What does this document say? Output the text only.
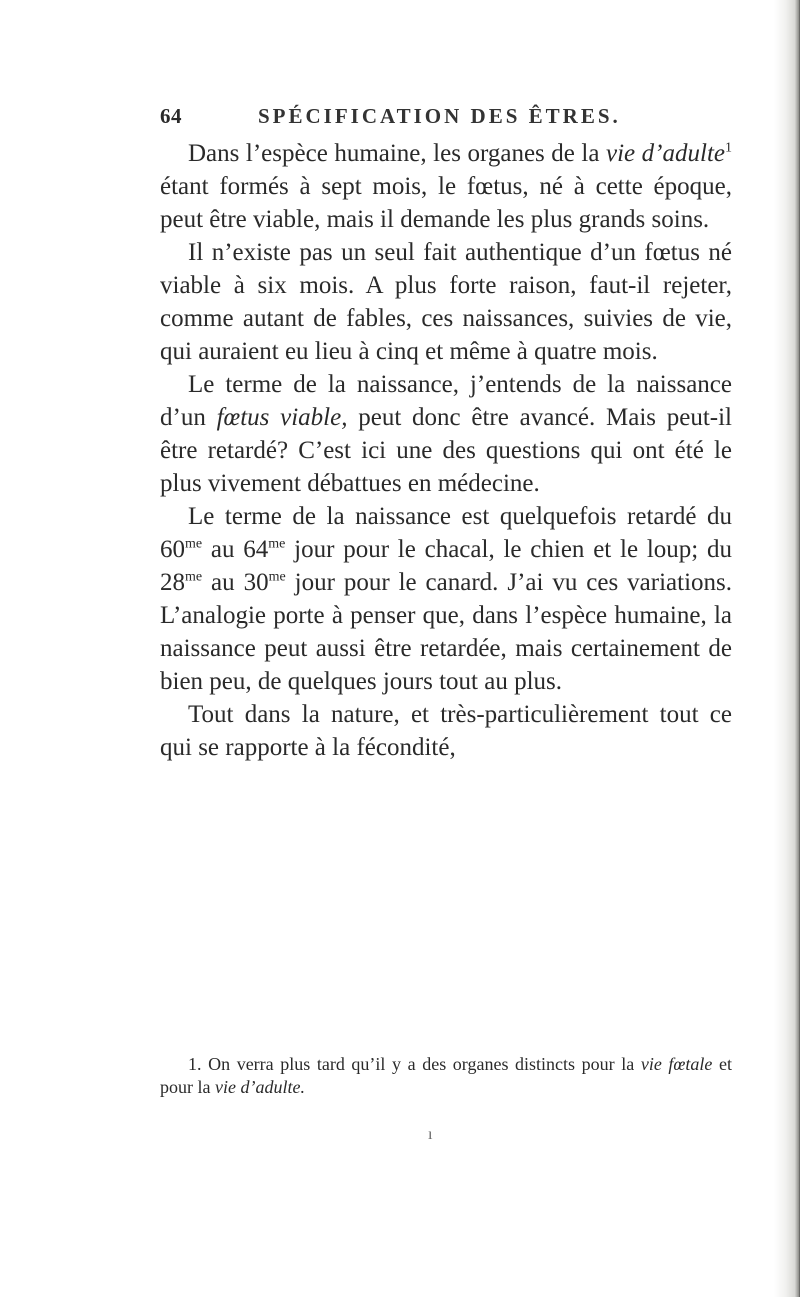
64	SPÉCIFICATION DES ÊTRES.

Dans l’espèce humaine, les organes de la vie d’adulte$^1$ étant formés à sept mois, le fœtus, né à cette époque, peut être viable, mais il demande les plus grands soins.

Il n’existe pas un seul fait authentique d’un fœtus né viable à six mois. A plus forte raison, faut-il rejeter, comme autant de fables, ces naissances, suivies de vie, qui auraient eu lieu à cinq et même à quatre mois.

Le terme de la naissance, j’entends de la naissance d’un fœtus viable, peut donc être avancé. Mais peut-il être retardé? C’est ici une des questions qui ont été le plus vivement débattues en médecine.

Le terme de la naissance est quelquefois retardé du $60^{me}$ au $64^{me}$ jour pour le chacal, le chien et le loup; du $28^{me}$ au $30^{me}$ jour pour le canard. J’ai vu ces variations. L’analogie porte à penser que, dans l’espèce humaine, la naissance peut aussi être retardée, mais certainement de bien peu, de quelques jours tout au plus.

Tout dans la nature, et très-particulièrement tout ce qui se rapporte à la fécondité,

1. On verra plus tard qu’il y a des organes distincts pour la vie fœtale et pour la vie d’adulte.

ı
